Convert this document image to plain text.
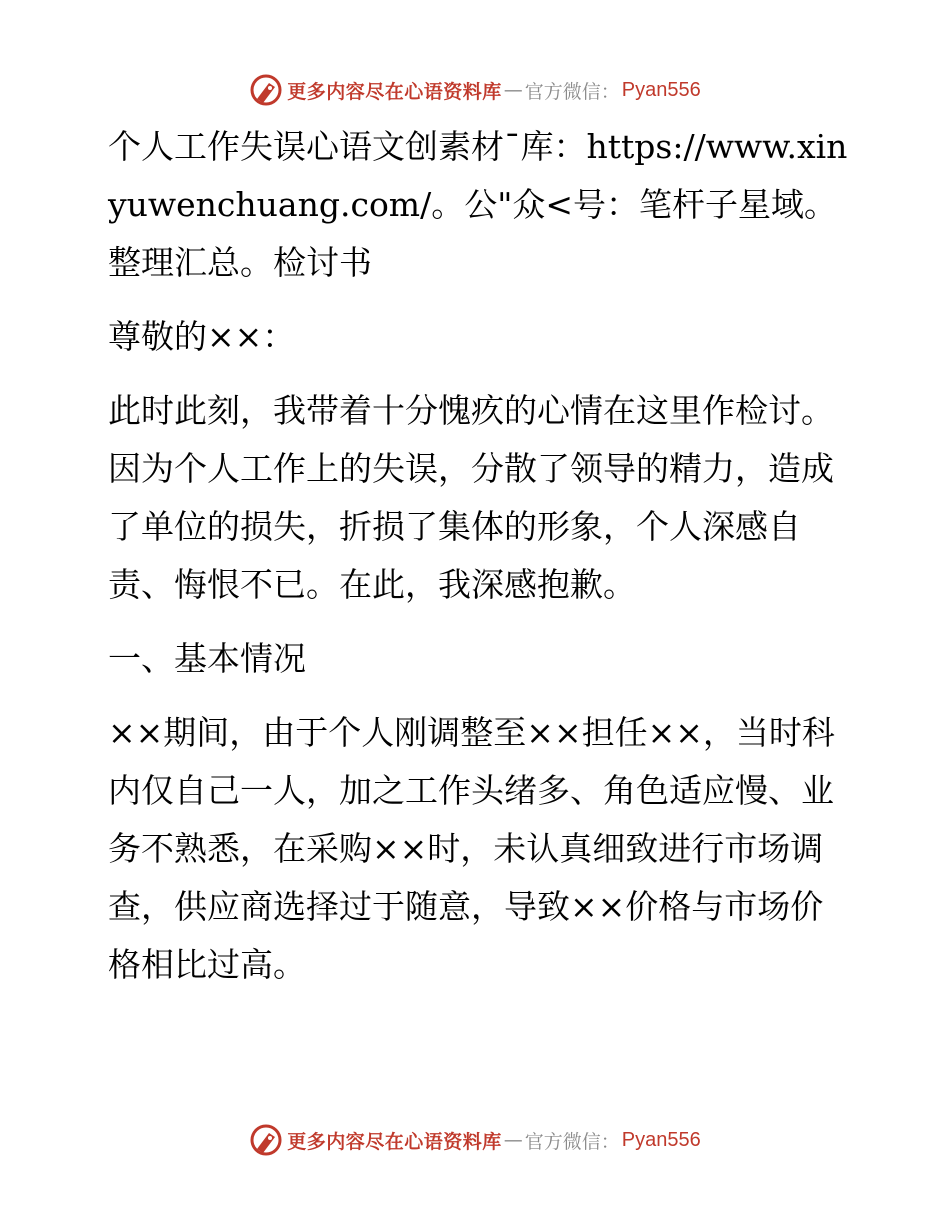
更多内容尽在心语资料库 — 官方微信： Pyan556

个人工作失误心语文创素材¯库：https://www.xinyuwenchuang.com/。公"众<号：笔杆子星域。整理汇总。检讨书

尊敬的××：

此时此刻，我带着十分愧疚的心情在这里作检讨。因为个人工作上的失误，分散了领导的精力，造成了单位的损失，折损了集体的形象，个人深感自责、悔恨不已。在此，我深感抱歉。

一、基本情况

××期间，由于个人刚调整至××担任××，当时科内仅自己一人，加之工作头绪多、角色适应慢、业务不熟悉，在采购××时，未认真细致进行市场调查，供应商选择过于随意，导致××价格与市场价格相比过高。

更多内容尽在心语资料库 — 官方微信： Pyan556
